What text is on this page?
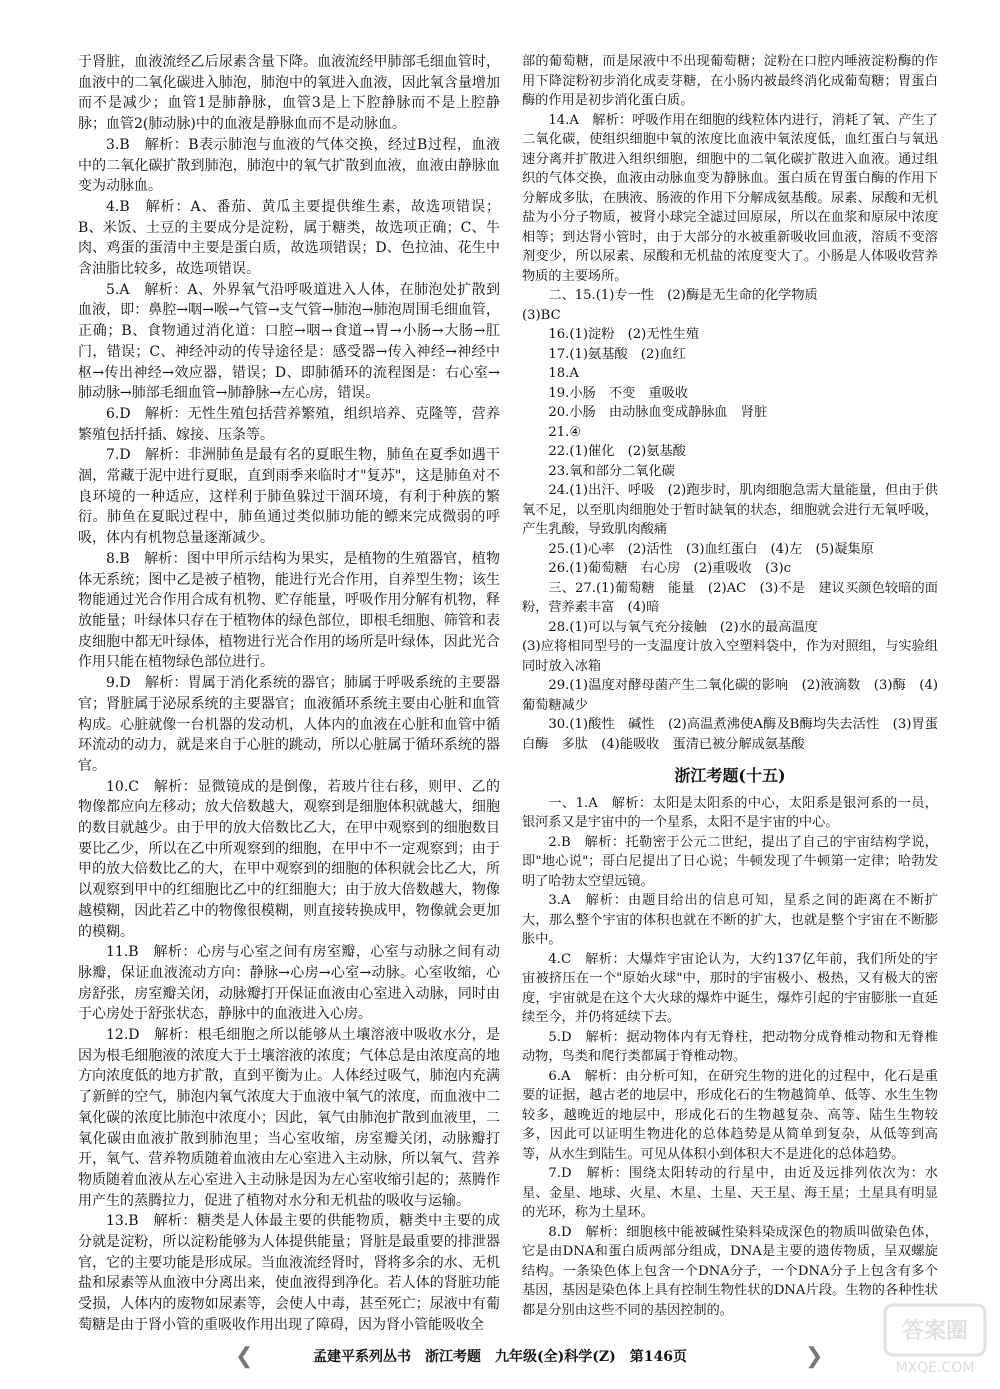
于肾脏，血液流经乙后尿素含量下降。血液流经甲肺部毛细血管时，血液中的二氧化碳进入肺泡，肺泡中的氧进入血液，因此氧含量增加而不是减少；血管1是肺静脉，血管3是上下腔静脉而不是上腔静脉；血管2(肺动脉)中的血液是静脉血而不是动脉血。

3.B　解析：B表示肺泡与血液的气体交换，经过B过程，血液中的二氧化碳扩散到肺泡，肺泡中的氧气扩散到血液，血液由静脉血变为动脉血。

4.B　解析：A、番茄、黄瓜主要提供维生素，故选项错误；B、米饭、土豆的主要成分是淀粉，属于糖类，故选项正确；C、牛肉、鸡蛋的蛋清中主要是蛋白质，故选项错误；D、色拉油、花生中含油脂比较多，故选项错误。

5.A　解析：A、外界氧气沿呼吸道进入人体，在肺泡处扩散到血液，即：鼻腔→咽→喉→气管→支气管→肺泡→肺泡周围毛细血管，正确；B、食物通过消化道：口腔→咽→食道→胃→小肠→大肠→肛门，错误；C、神经冲动的传导途径是：感受器→传入神经→神经中枢→传出神经→效应器，错误；D、即肺循环的流程图是：右心室→肺动脉→肺部毛细血管→肺静脉→左心房，错误。

6.D　解析：无性生殖包括营养繁殖，组织培养、克隆等，营养繁殖包括扦插、嫁接、压条等。

7.D　解析：非洲肺鱼是最有名的夏眠生物，肺鱼在夏季如遇干涸，常藏于泥中进行夏眠，直到雨季来临时才"复苏"，这是肺鱼对不良环境的一种适应，这样利于肺鱼躲过干涸环境，有利于种族的繁衍。肺鱼在夏眠过程中，肺鱼通过类似肺功能的鳔来完成微弱的呼吸，体内有机物总量逐渐减少。

8.B　解析：图中甲所示结构为果实，是植物的生殖器官，植物体无系统；图中乙是被子植物，能进行光合作用，自养型生物；该生物能通过光合作用合成有机物、贮存能量，呼吸作用分解有机物，释放能量；叶绿体只存在于植物体的绿色部位，即根毛细胞、筛管和表皮细胞中都无叶绿体，植物进行光合作用的场所是叶绿体，因此光合作用只能在植物绿色部位进行。

9.D　解析：胃属于消化系统的器官；肺属于呼吸系统的主要器官；肾脏属于泌尿系统的主要器官；血液循环系统主要由心脏和血管构成。心脏就像一台机器的发动机，人体内的血液在心脏和血管中循环流动的动力，就是来自于心脏的跳动，所以心脏属于循环系统的器官。

10.C　解析：显微镜成的是倒像，若玻片往右移，则甲、乙的物像都应向左移动；放大倍数越大，观察到是细胞体积就越大，细胞的数目就越少。由于甲的放大倍数比乙大，在甲中观察到的细胞数目要比乙少，所以在乙中所观察到的细胞，在甲中不一定观察到；由于甲的放大倍数比乙的大，在甲中观察到的细胞的体积就会比乙大，所以观察到甲中的红细胞比乙中的红细胞大；由于放大倍数越大，物像越模糊，因此若乙中的物像很模糊，则直接转换成甲，物像就会更加的模糊。

11.B　解析：心房与心室之间有房室瓣，心室与动脉之间有动脉瓣，保证血液流动方向：静脉→心房→心室→动脉。心室收缩，心房舒张，房室瓣关闭，动脉瓣打开保证血液由心室进入动脉，同时由于心房处于舒张状态，静脉中的血液进入心房。

12.D　解析：根毛细胞之所以能够从土壤溶液中吸收水分，是因为根毛细胞液的浓度大于土壤溶液的浓度；气体总是由浓度高的地方向浓度低的地方扩散，直到平衡为止。人体经过吸气，肺泡内充满了新鲜的空气，肺泡内氧气浓度大于血液中氧气的浓度，而血液中二氧化碳的浓度比肺泡中浓度小；因此，氧气由肺泡扩散到血液里，二氧化碳由血液扩散到肺泡里；当心室收缩，房室瓣关闭，动脉瓣打开，氧气、营养物质随着血液由左心室进入主动脉，所以氧气、营养物质随着血液从左心室进入主动脉是因为左心室收缩引起的；蒸腾作用产生的蒸腾拉力，促进了植物对水分和无机盐的吸收与运输。

13.B　解析：糖类是人体最主要的供能物质，糖类中主要的成分就是淀粉，所以淀粉能够为人体提供能量；肾脏是最重要的排泄器官，它的主要功能是形成尿。当血液流经肾时，肾将多余的水、无机盐和尿素等从血液中分离出来，使血液得到净化。若人体的肾脏功能受损，人体内的废物如尿素等，会使人中毒，甚至死亡；尿液中有葡萄糖是由于肾小管的重吸收作用出现了障碍，因为肾小管能吸收全

部的葡萄糖，而是尿液中不出现葡萄糖；淀粉在口腔内唾液淀粉酶的作用下降淀粉初步消化成麦芽糖，在小肠内被最终消化成葡萄糖；胃蛋白酶的作用是初步消化蛋白质。

14.A　解析：呼吸作用在细胞的线粒体内进行，消耗了氧、产生了二氧化碳，使组织细胞中氧的浓度比血液中氧浓度低，血红蛋白与氧迅速分离并扩散进入组织细胞，细胞中的二氧化碳扩散进入血液。通过组织的气体交换，血液由动脉血变为静脉血。蛋白质在胃蛋白酶的作用下分解成多肽，在胰液、肠液的作用下分解成氨基酸。尿素、尿酸和无机盐为小分子物质，被肾小球完全滤过回原尿，所以在血浆和原尿中浓度相等；到达肾小管时，由于大部分的水被重新吸收回血液，溶质不变溶剂变少，所以尿素、尿酸和无机盐的浓度变大了。小肠是人体吸收营养物质的主要场所。

二、15.(1)专一性　(2)酶是无生命的化学物质

(3)BC

16.(1)淀粉　(2)无性生殖

17.(1)氨基酸　(2)血红

18.A

19.小肠　不变　重吸收

20.小肠　由动脉血变成静脉血　肾脏

21.④

22.(1)催化　(2)氨基酸

23.氧和部分二氧化碳

24.(1)出汗、呼吸　(2)跑步时，肌肉细胞急需大量能量，但由于供氧不足，以至肌肉细胞处于暂时缺氧的状态，细胞就会进行无氧呼吸，产生乳酸，导致肌肉酸痛

25.(1)心率　(2)活性　(3)血红蛋白　(4)左　(5)凝集原

26.(1)葡萄糖　右心房　(2)重吸收　(3)c

三、27.(1)葡萄糖　能量　(2)AC　(3)不是　建议买颜色较暗的面粉，营养素丰富　(4)暗

28.(1)可以与氧气充分接触　(2)水的最高温度

(3)应将相同型号的一支温度计放入空塑料袋中，作为对照组，与实验组同时放入冰箱

29.(1)温度对酵母菌产生二氧化碳的影响　(2)液滴数　(3)酶　(4)葡萄糖减少

30.(1)酸性　碱性　(2)高温煮沸使A酶及B酶均失去活性　(3)胃蛋白酶　多肽　(4)能吸收　蛋清已被分解成氨基酸

浙江考题(十五)

一、1.A　解析：太阳是太阳系的中心，太阳系是银河系的一员，银河系又是宇宙中的一个星系，太阳不是宇宙的中心。

2.B　解析：托勒密于公元二世纪，提出了自己的宇宙结构学说，即"地心说"；哥白尼提出了日心说；牛顿发现了牛顿第一定律；哈勃发明了哈勃太空望远镜。

3.A　解析：由题目给出的信息可知，星系之间的距离在不断扩大，那么整个宇宙的体积也就在不断的扩大，也就是整个宇宙在不断膨胀中。

4.C　解析：大爆炸宇宙论认为，大约137亿年前，我们所处的宇宙被挤压在一个"原始火球"中，那时的宇宙极小、极热，又有极大的密度，宇宙就是在这个大火球的爆炸中诞生，爆炸引起的宇宙膨胀一直延续至今，并仍将延续下去。

5.D　解析：据动物体内有无脊柱，把动物分成脊椎动物和无脊椎动物，鸟类和爬行类都属于脊椎动物。

6.A　解析：由分析可知，在研究生物的进化的过程中，化石是重要的证据，越古老的地层中，形成化石的生物越简单、低等、水生生物较多，越晚近的地层中，形成化石的生物越复杂、高等、陆生生物较多，因此可以证明生物进化的总体趋势是从简单到复杂，从低等到高等，从水生到陆生。可见从体积小到体积大不是进化的总体趋势。

7.D　解析：围绕太阳转动的行星中，由近及远排列依次为：水星、金星、地球、火星、木星、土星、天王星、海王星；土星具有明显的光环，称为土星环。

8.D　解析：细胞核中能被碱性染料染成深色的物质叫做染色体，它是由DNA和蛋白质两部分组成，DNA是主要的遗传物质，呈双螺旋结构。一条染色体上包含一个DNA分子，一个DNA分子上包含有多个基因，基因是染色体上具有控制生物性状的DNA片段。生物的各种性状都是分别由这些不同的基因控制的。

❮	孟建平系列丛书　浙江考题　九年级(全)科学(Z)　第146页	❯
答案圈
MXQE.COM
